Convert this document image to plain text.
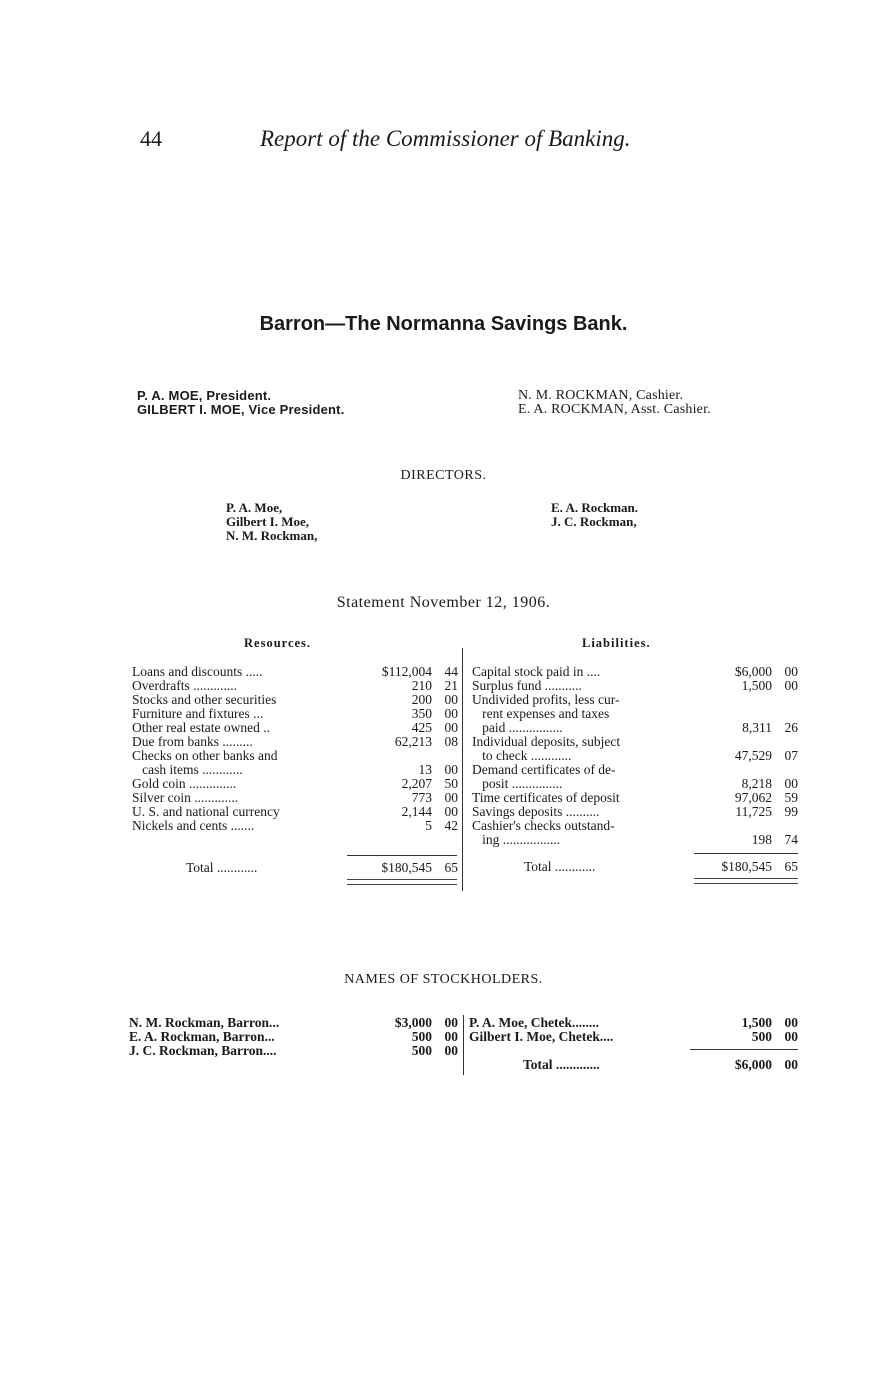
44	Report of the Commissioner of Banking.
Barron—The Normanna Savings Bank.
P. A. MOE, President.
GILBERT I. MOE, Vice President.
N. M. ROCKMAN, Cashier.
E. A. ROCKMAN, Asst. Cashier.
DIRECTORS.
P. A. Moe,
Gilbert I. Moe,
N. M. Rockman,
E. A. Rockman.
J. C. Rockman,
Statement November 12, 1906.
Resources.	Liabilities.
Loans and discounts .....	$112,004 44
Overdrafts .............	210 21
Stocks and other securities	200 00
Furniture and fixtures ...	350 00
Other real estate owned ..	425 00
Due from banks .........	62,213 08
Checks on other banks and
cash items ............	13 00
Gold coin ..............	2,207 50
Silver coin .............	773 00
U. S. and national currency	2,144 00
Nickels and cents .......	5 42
Total ............	$180,545 65
Capital stock paid in ....	$6,000 00
Surplus fund ...........	1,500 00
Undivided profits, less cur-
rent expenses and taxes
paid ................	8,311 26
Individual deposits, subject
to check ............	47,529 07
Demand certificates of de-
posit ...............	8,218 00
Time certificates of deposit	97,062 59
Savings deposits ..........	11,725 99
Cashier's checks outstand-
ing .................	198 74
Total ............	$180,545 65
NAMES OF STOCKHOLDERS.
N. M. Rockman, Barron...	$3,000 00
E. A. Rockman, Barron...	500 00
J. C. Rockman, Barron....	500 00
P. A. Moe, Chetek........	1,500 00
Gilbert I. Moe, Chetek....	500 00
Total .............	$6,000 00
